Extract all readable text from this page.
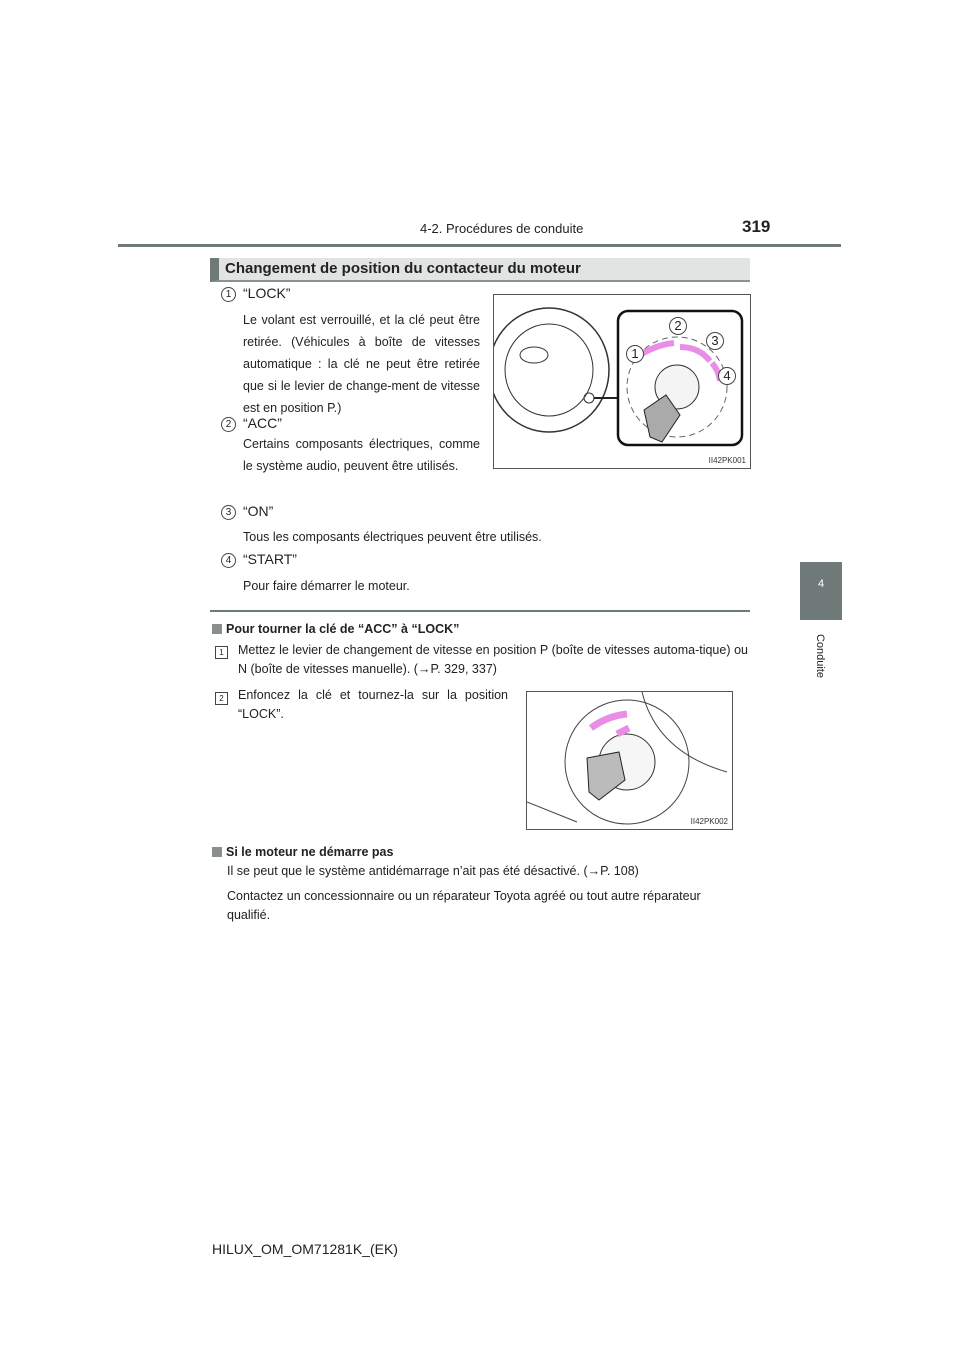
4-2. Procédures de conduite	319
4
Conduite
Changement de position du contacteur du moteur
1 “LOCK”
Le volant est verrouillé, et la clé peut être retirée. (Véhicules à boîte de vitesses automatique : la clé ne peut être retirée que si le levier de change-ment de vitesse est en position P.)
2 “ACC”
Certains composants électriques, comme le système audio, peuvent être utilisés.
3 “ON”
Tous les composants électriques peuvent être utilisés.
4 “START”
Pour faire démarrer le moteur.
1
2
3
4
II42PK001
Pour tourner la clé de “ACC” à “LOCK”
1	Mettez le levier de changement de vitesse en position P (boîte de vitesses automa-tique) ou N (boîte de vitesses manuelle). (→P. 329, 337)
2	Enfoncez la clé et tournez-la sur la position “LOCK”.
II42PK002
Si le moteur ne démarre pas
Il se peut que le système antidémarrage n’ait pas été désactivé. (→P. 108)
Contactez un concessionnaire ou un réparateur Toyota agréé ou tout autre réparateur qualifié.
HILUX_OM_OM71281K_(EK)
